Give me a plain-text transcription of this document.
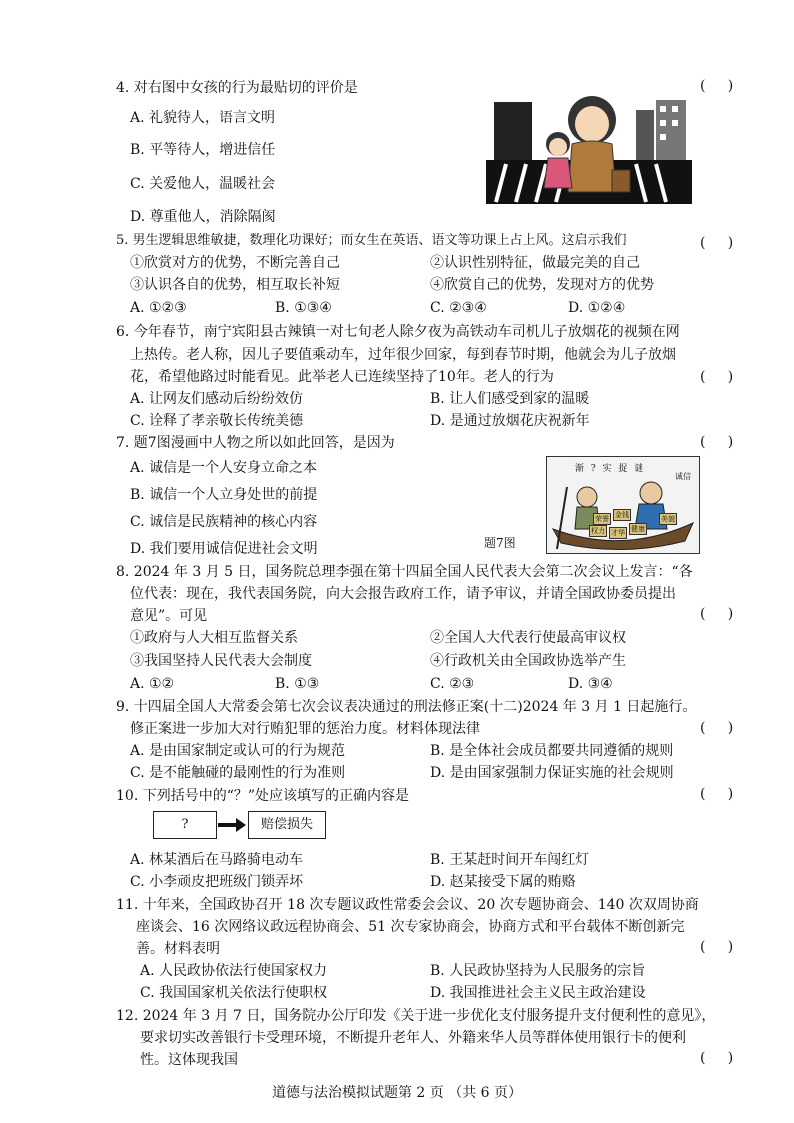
4. 对右图中女孩的行为最贴切的评价是	(     )
A. 礼貌待人，语言文明
B. 平等待人，增进信任
C. 关爱他人，温暖社会
D. 尊重他人，消除隔阂
5. 男生逻辑思维敏捷，数理化功课好；而女生在英语、语文等功课上占上风。这启示我们	(     )
①欣赏对方的优势，不断完善自己	②认识性别特征，做最完美的自己
③认识各自的优势，相互取长补短	④欣赏自己的优势，发现对方的优势
A. ①②③	B. ①③④	C. ②③④	D. ①②④
6. 今年春节，南宁宾阳县古辣镇一对七旬老人除夕夜为高铁动车司机儿子放烟花的视频在网
上热传。老人称，因儿子要值乘动车，过年很少回家，每到春节时期，他就会为儿子放烟
花，希望他路过时能看见。此举老人已连续坚持了10年。老人的行为	(     )
A. 让网友们感动后纷纷效仿	B. 让人们感受到家的温暖
C. 诠释了孝亲敬长传统美德	D. 是通过放烟花庆祝新年
7. 题7图漫画中人物之所以如此回答，是因为	(     )
A. 诚信是一个人安身立命之本
B. 诚信一个人立身处世的前提
C. 诚信是民族精神的核心内容
D. 我们要用诚信促进社会文明	题7图
渐 ? 实 捉 谜
诚信
荣誉 金钱
权力 才华 健康
美貌
8. 2024 年 3 月 5 日，国务院总理李强在第十四届全国人民代表大会第二次会议上发言：“各
位代表：现在，我代表国务院，向大会报告政府工作，请予审议，并请全国政协委员提出
意见”。可见	(     )
①政府与人大相互监督关系	②全国人大代表行使最高审议权
③我国坚持人民代表大会制度	④行政机关由全国政协选举产生
A. ①②	B. ①③	C. ②③	D. ③④
9. 十四届全国人大常委会第七次会议表决通过的刑法修正案(十二)2024 年 3 月 1 日起施行。
修正案进一步加大对行贿犯罪的惩治力度。材料体现法律	(     )
A. 是由国家制定或认可的行为规范	B. 是全体社会成员都要共同遵循的规则
C. 是不能触碰的最刚性的行为准则	D. 是由国家强制力保证实施的社会规则
10. 下列括号中的“？”处应该填写的正确内容是	(     )
?	赔偿损失
A. 林某酒后在马路骑电动车	B. 王某赶时间开车闯红灯
C. 小李顽皮把班级门锁弄坏	D. 赵某接受下属的贿赂
11. 十年来，全国政协召开 18 次专题议政性常委会会议、20 次专题协商会、140 次双周协商
座谈会、16 次网络议政远程协商会、51 次专家协商会，协商方式和平台载体不断创新完
善。材料表明	(     )
A. 人民政协依法行使国家权力	B. 人民政协坚持为人民服务的宗旨
C. 我国国家机关依法行使职权	D. 我国推进社会主义民主政治建设
12. 2024 年 3 月 7 日，国务院办公厅印发《关于进一步优化支付服务提升支付便利性的意见》，
要求切实改善银行卡受理环境，不断提升老年人、外籍来华人员等群体使用银行卡的便利
性。这体现我国	(     )
道德与法治模拟试题第 2 页 （共 6 页）
